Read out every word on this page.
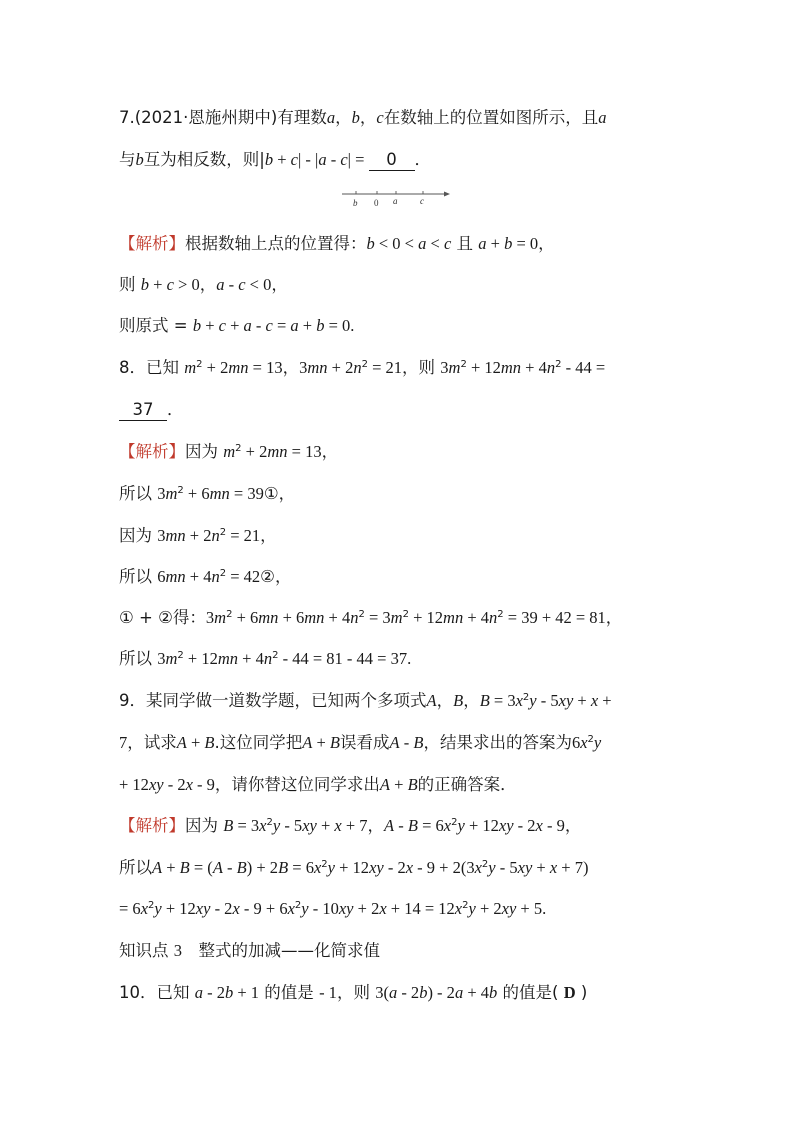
7.(2021·恩施州期中)有理数a，b，c在数轴上的位置如图所示，且a
与b互为相反数，则|b + c| - |a - c| = 0 ．
b 0 a	c
【解析】根据数轴上点的位置得：b < 0 < a < c 且 a + b = 0，
则 b + c > 0，a - c < 0，
则原式 = b + c + a - c = a + b = 0.
8．已知 $m^2 + 2mn = 13$，$3mn + 2n^2 = 21$，则 $3m^2 + 12mn + 4n^2 - 44$ =
37 ．
【解析】因为 $m^2 + 2mn = 13$，
所以 $3m^2 + 6mn$ = 39①，
因为 $3mn + 2n^2 = 21$，
所以 $6mn + 4n^2$ = 42②，
① + ②得：$3m^2 + 6mn + 6mn + 4n^2 = 3m^2 + 12mn + 4n^2 = 39 + 42 = 81$，
所以 $3m^2 + 12mn + 4n^2 - 44 = 81 - 44 = 37$.
9．某同学做一道数学题，已知两个多项式A，B，$B = 3x^2y - 5xy + x$ +
7，试求A + B.这位同学把A + B误看成A - B，结果求出的答案为$6x^2y$
+ 12xy - 2x - 9，请你替这位同学求出A + B的正确答案．
【解析】因为 $B = 3x^2y - 5xy + x + 7$，$A - B = 6x^2y + 12xy - 2x - 9$，
所以$A + B = (A - B) + 2B = 6x^2y + 12xy - 2x - 9 + 2(3x^2y - 5xy + x + 7)$
= $6x^2y + 12xy - 2x - 9 + 6x^2y - 10xy + 2x + 14 = 12x^2y + 2xy + 5$.
知识点 3　整式的加减——化简求值
10．已知 a - 2b + 1 的值是 - 1，则 3(a - 2b) - 2a + 4b 的值是( D )
